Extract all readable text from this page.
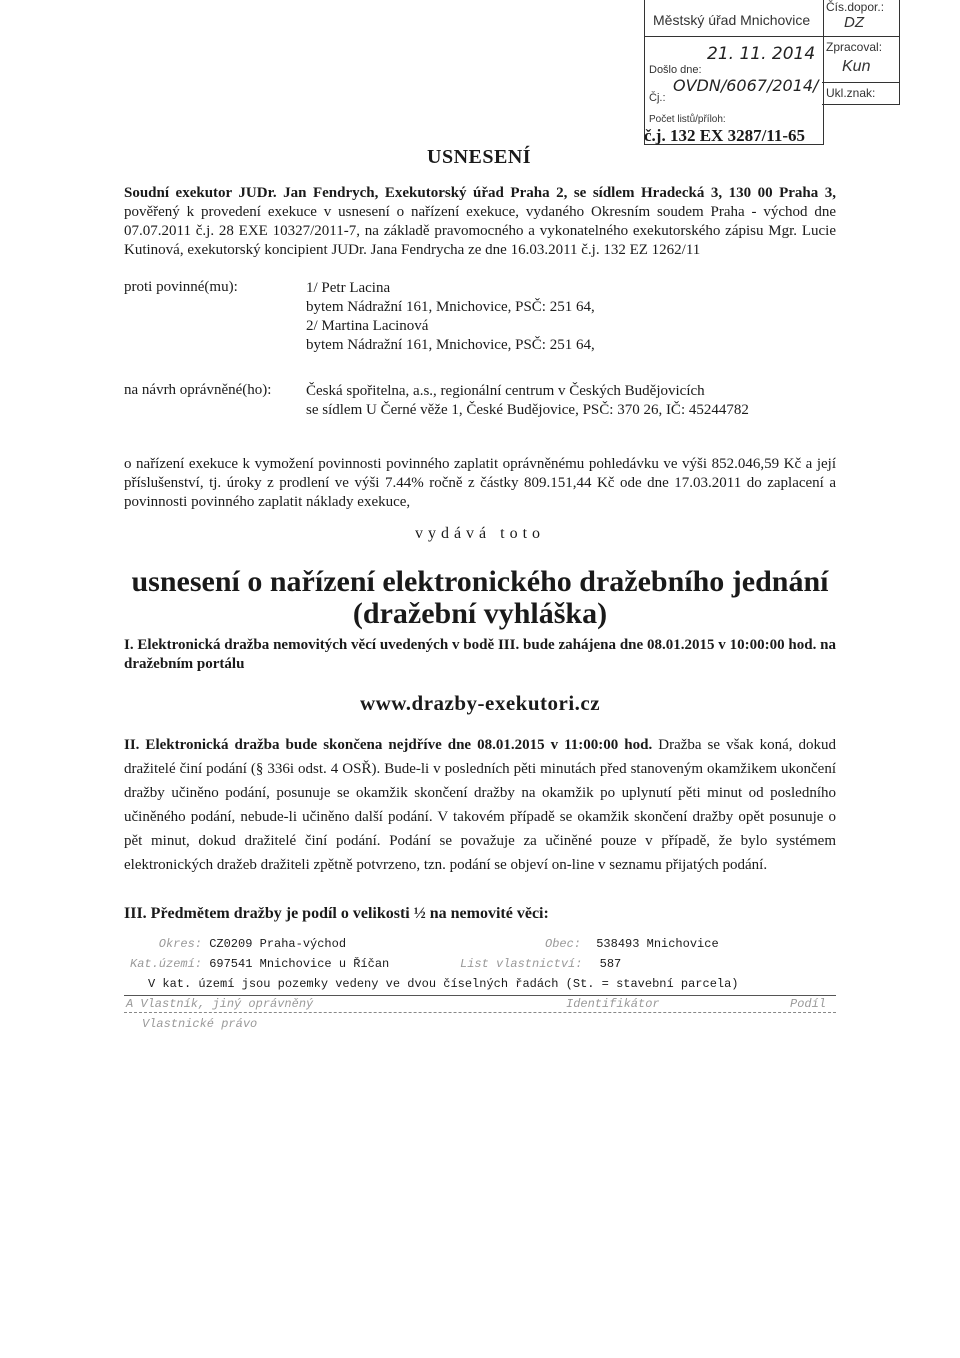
Městský úřad Mnichovice
Došlo dne:
21. 11. 2014
Čj.:
OVDN/6067/2014/
Počet listů/příloh:
Čís.dopor.:
DZ
Zpracoval:
Kun
Ukl.znak:
č.j. 132 EX 3287/11-65
USNESENÍ
Soudní exekutor JUDr. Jan Fendrych, Exekutorský úřad Praha 2, se sídlem Hradecká 3, 130 00 Praha 3, pověřený k provedení exekuce v usnesení o nařízení exekuce, vydaného Okresním soudem Praha - východ dne 07.07.2011 č.j. 28 EXE 10327/2011-7, na základě pravomocného a vykonatelného exekutorského zápisu Mgr. Lucie Kutinová, exekutorský koncipient JUDr. Jana Fendrycha ze dne 16.03.2011 č.j. 132 EZ 1262/11
proti povinné(mu):	1/ Petr Lacina
bytem Nádražní 161, Mnichovice, PSČ: 251 64,
2/ Martina Lacinová
bytem Nádražní 161, Mnichovice, PSČ: 251 64,
na návrh oprávněné(ho): Česká spořitelna, a.s., regionální centrum v Českých Budějovicích
se sídlem U Černé věže 1, České Budějovice, PSČ: 370 26, IČ: 45244782
o nařízení exekuce k vymožení povinnosti povinného zaplatit oprávněnému pohledávku ve výši 852.046,59 Kč a její příslušenství, tj. úroky z prodlení ve výši 7.44% ročně z částky 809.151,44 Kč ode dne 17.03.2011 do zaplacení a povinnosti povinného zaplatit náklady exekuce,
vydává toto
usnesení o nařízení elektronického dražebního jednání
(dražební vyhláška)
I. Elektronická dražba nemovitých věcí uvedených v bodě III. bude zahájena dne 08.01.2015 v 10:00:00 hod. na dražebním portálu
www.drazby-exekutori.cz
II. Elektronická dražba bude skončena nejdříve dne 08.01.2015 v 11:00:00 hod. Dražba se však koná, dokud dražitelé činí podání (§ 336i odst. 4 OSŘ). Bude-li v posledních pěti minutách před stanoveným okamžikem ukončení dražby učiněno podání, posunuje se okamžik skončení dražby na okamžik po uplynutí pěti minut od posledního učiněného podání, nebude-li učiněno další podání. V takovém případě se okamžik skončení dražby opět posunuje o pět minut, dokud dražitelé činí podání. Podání se považuje za učiněné pouze v případě, že bylo systémem elektronických dražeb dražiteli zpětně potvrzeno, tzn. podání se objeví on-line v seznamu přijatých podání.
III. Předmětem dražby je podíl o velikosti ½ na nemovité věci:
Okres: CZ0209 Praha-východ	Obec: 538493 Mnichovice
Kat.území: 697541 Mnichovice u Říčan	List vlastnictví: 587
V kat. území jsou pozemky vedeny ve dvou číselných řadách (St. = stavební parcela)
A Vlastník, jiný oprávněný	Identifikátor	Podíl
Vlastnické právo
